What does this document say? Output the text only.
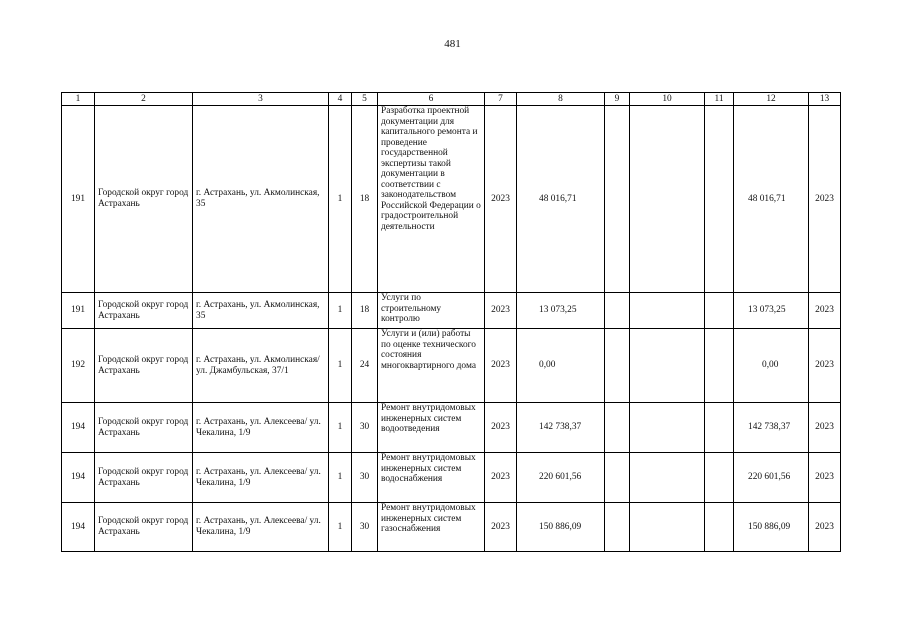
481
1	2	3	4	5	6	7	8	9	10	11	12	13
191	Городской округ город Астрахань	г. Астрахань, ул. Акмолинская, 35	1	18	Разработка проектной документации для капитального ремонта и проведение государственной экспертизы такой документации в соответствии с законодательством Российской Федерации о градостроительной деятельности	2023	48 016,71				48 016,71	2023
191	Городской округ город Астрахань	г. Астрахань, ул. Акмолинская, 35	1	18	Услуги по строительному контролю	2023	13 073,25				13 073,25	2023
192	Городской округ город Астрахань	г. Астрахань, ул. Акмолинская/ ул. Джамбульская, 37/1	1	24	Услуги и (или) работы по оценке технического состояния многоквартирного дома	2023	0,00				0,00	2023
194	Городской округ город Астрахань	г. Астрахань, ул. Алексеева/ ул. Чекалина, 1/9	1	30	Ремонт внутридомовых инженерных систем водоотведения	2023	142 738,37				142 738,37	2023
194	Городской округ город Астрахань	г. Астрахань, ул. Алексеева/ ул. Чекалина, 1/9	1	30	Ремонт внутридомовых инженерных систем водоснабжения	2023	220 601,56				220 601,56	2023
194	Городской округ город Астрахань	г. Астрахань, ул. Алексеева/ ул. Чекалина, 1/9	1	30	Ремонт внутридомовых инженерных систем газоснабжения	2023	150 886,09				150 886,09	2023
